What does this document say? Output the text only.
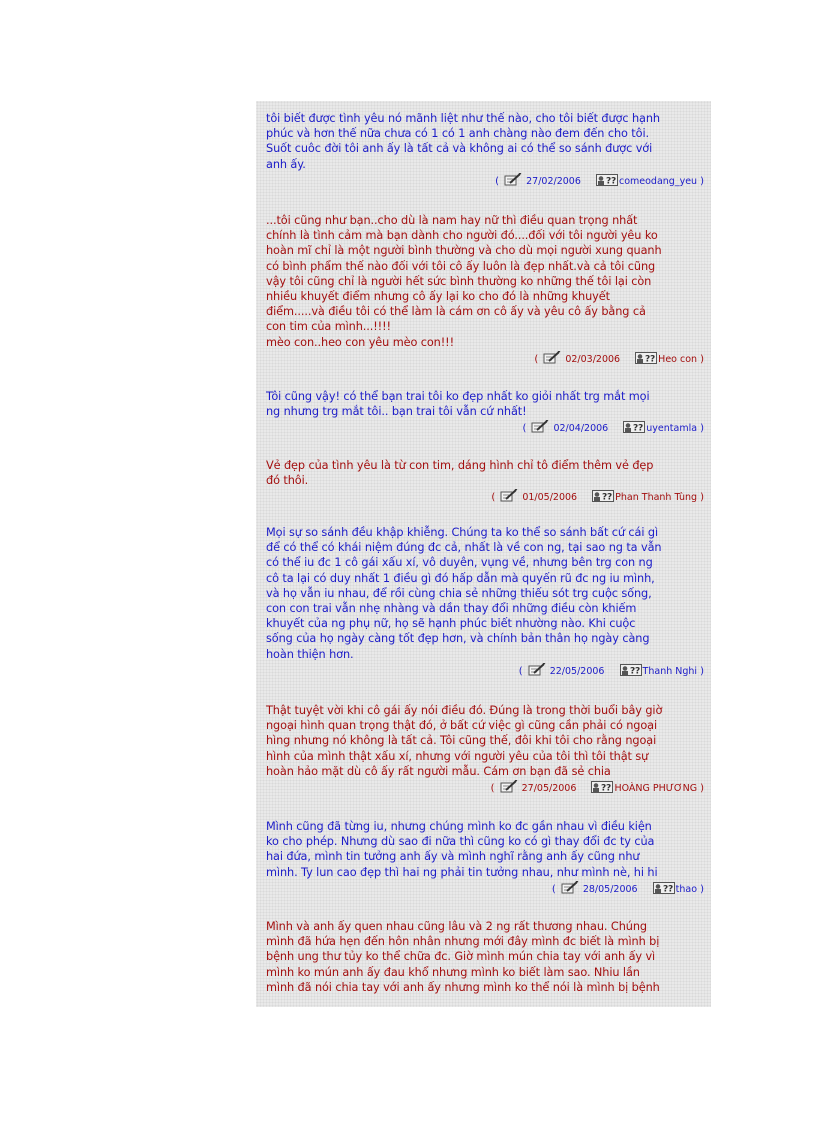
tôi biết được tình yêu nó mãnh liệt như thế nào, cho tôi biết được hạnh
phúc và hơn thế nữa chưa có 1 có 1 anh chàng nào đem đến cho tôi.
Suốt cuôc đời tôi anh ấy là tất cả và không ai có thể so sánh được với
anh ấy.

(	27/02/2006	? ? comeodang_yeu )

...tôi cũng như bạn..cho dù là nam hay nữ thì điều quan trọng nhất
chính là tình cảm mà bạn dành cho người đó....đối với tôi người yêu ko
hoàn mĩ chỉ là một người bình thường và cho dù mọi người xung quanh
có bình phẩm thế nào đối với tôi cô ấy luôn là đẹp nhất.và cả tôi cũng
vậy tôi cũng chỉ là người hết sức bình thường ko những thế tôi lại còn
nhiều khuyết điểm nhưng cô ấy lại ko cho đó là những khuyết
điểm.....và điều tôi có thể làm là cám ơn cô ấy và yêu cô ấy bằng cả
con tim của mình...!!!!
mèo con..heo con yêu mèo con!!!

(	02/03/2006	? ? Heo con )

Tôi cũng vậy! có thể bạn trai tôi ko đẹp nhất ko giỏi nhất trg mắt mọi
ng nhưng trg mắt tôi.. bạn trai tôi vẫn cứ nhất!

(	02/04/2006	? ? uyentamla )

Vẻ đẹp của tình yêu là từ con tim, dáng hình chỉ tô điểm thêm vẻ đẹp
đó thôi.

(	01/05/2006	? ? Phan Thanh Tùng )

Mọi sự so sánh đều khập khiễng. Chúng ta ko thể so sánh bất cứ cái gì
để có thể có khái niệm đúng đc cả, nhất là về con ng, tại sao ng ta vẫn
có thể iu đc 1 cô gái xấu xí, vô duyên, vụng về, nhưng bên trg con ng
cô ta lại có duy nhất 1 điều gì đó hấp dẫn mà quyến rũ đc ng iu mình,
và họ vẫn iu nhau, để rồi cùng chia sẻ những thiếu sót trg cuộc sống,
con con trai vẫn nhẹ nhàng và dần thay đổi những điều còn khiếm
khuyết của ng phụ nữ, họ sẽ hạnh phúc biết nhường nào. Khi cuộc
sống của họ ngày càng tốt đẹp hơn, và chính bản thân họ ngày càng
hoàn thiện hơn.

(	22/05/2006	? ? Thanh Nghi )

Thật tuyệt vời khi cô gái ấy nói điều đó. Đúng là trong thời buổi bây giờ
ngoại hình quan trọng thật đó, ở bất cứ việc gì cũng cần phải có ngoại
hìng nhưng nó không là tất cả. Tôi cũng thế, đôi khi tôi cho rằng ngoại
hình của mình thật xấu xí, nhưng với người yêu của tôi thì tôi thật sự
hoàn hảo mặt dù cô ấy rất người mẫu. Cám ơn bạn đã sẻ chia

(	27/05/2006	? ? HOÀNG PHƯƠNG )

Mình cũng đã từng iu, nhưng chúng mình ko đc gần nhau vì điều kiện
ko cho phép. Nhưng dù sao đi nữa thì cũng ko có gì thay đổi đc ty của
hai đứa, mình tin tưởng anh ấy và mình nghĩ rằng anh ấy cũng như
mình. Ty lun cao đẹp thì hai ng phải tin tưởng nhau, như mình nè, hi hi

(	28/05/2006	? ? thao )

Mình và anh ấy quen nhau cũng lâu và 2 ng rất thương nhau. Chúng
mình đã hứa hẹn đến hôn nhân nhưng mới đây mình đc biết là mình bị
bệnh ung thư tủy ko thể chữa đc. Giờ mình mún chia tay với anh ấy vì
mình ko mún anh ấy đau khổ nhưng mình ko biết làm sao. Nhiu lần
mình đã nói chia tay với anh ấy nhưng mình ko thể nói là mình bị bệnh
